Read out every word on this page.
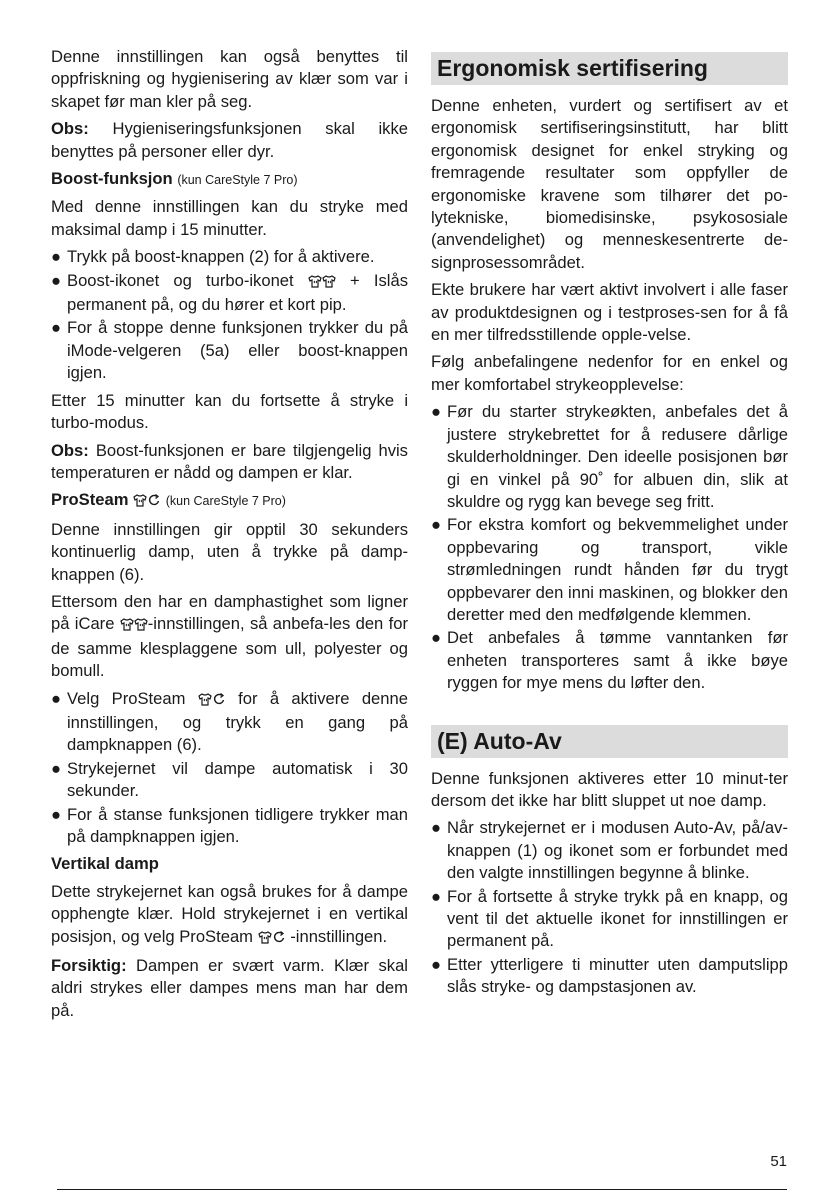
Denne innstillingen kan også benyttes til oppfriskning og hygienisering av klær som var i skapet før man kler på seg.

Obs: Hygieniseringsfunksjonen skal ikke benyttes på personer eller dyr.

Boost-funksjon (kun CareStyle 7 Pro)

Med denne innstillingen kan du stryke med maksimal damp i 15 minutter.

● Trykk på boost-knappen (2) for å aktivere.
● Boost-ikonet og turbo-ikonet	+ Islås permanent på, og du hører et kort pip.
● For å stoppe denne funksjonen trykker du på iMode-velgeren (5a) eller boost-knappen igjen.

Etter 15 minutter kan du fortsette å stryke i turbo-modus.

Obs: Boost-funksjonen er bare tilgjengelig hvis temperaturen er nådd og dampen er klar.

ProSteam	(kun CareStyle 7 Pro)

Denne innstillingen gir opptil 30 sekunders kontinuerlig damp, uten å trykke på damp-knappen (6).

Ettersom den har en damphastighet som ligner på iCare -innstillingen, så anbefa-les den for de samme klesplaggene som ull, polyester og bomull.

● Velg ProSteam	for å aktivere denne innstillingen, og trykk en gang på dampknappen (6).
● Strykejernet vil dampe automatisk i 30 sekunder.
● For å stanse funksjonen tidligere trykker man på dampknappen igjen.

Vertikal damp

Dette strykejernet kan også brukes for å dampe opphengte klær. Hold strykejernet i en vertikal posisjon, og velg ProSteam -innstillingen.

Forsiktig: Dampen er svært varm. Klær skal aldri strykes eller dampes mens man har dem på.

Ergonomisk sertifisering

Denne enheten, vurdert og sertifisert av et ergonomisk sertifiseringsinstitutt, har blitt ergonomisk designet for enkel stryking og fremragende resultater som oppfyller de ergonomiske kravene som tilhører det po-lytekniske, biomedisinske, psykososiale (anvendelighet) og menneskesentrerte de-signprosessområdet.

Ekte brukere har vært aktivt involvert i alle faser av produktdesignen og i testproses-sen for å få en mer tilfredsstillende opple-velse.

Følg anbefalingene nedenfor for en enkel og mer komfortabel strykeopplevelse:

● Før du starter strykeøkten, anbefales det å justere strykebrettet for å redusere dårlige skulderholdninger. Den ideelle posisjonen bør gi en vinkel på 90˚ for albuen din, slik at skuldre og rygg kan bevege seg fritt.
● For ekstra komfort og bekvemmelighet under oppbevaring og transport, vikle strømledningen rundt hånden før du trygt oppbevarer den inni maskinen, og blokker den deretter med den medfølgende klemmen.
● Det anbefales å tømme vanntanken før enheten transporteres samt å ikke bøye ryggen for mye mens du løfter den.
(E) Auto-Av

Denne funksjonen aktiveres etter 10 minut-ter dersom det ikke har blitt sluppet ut noe damp.

● Når strykejernet er i modusen Auto-Av, på/av-knappen (1) og ikonet som er forbundet med den valgte innstillingen begynne å blinke.
● For å fortsette å stryke trykk på en knapp, og vent til det aktuelle ikonet for innstillingen er permanent på.
● Etter ytterligere ti minutter uten damputslipp slås stryke- og dampstasjonen av.
51
